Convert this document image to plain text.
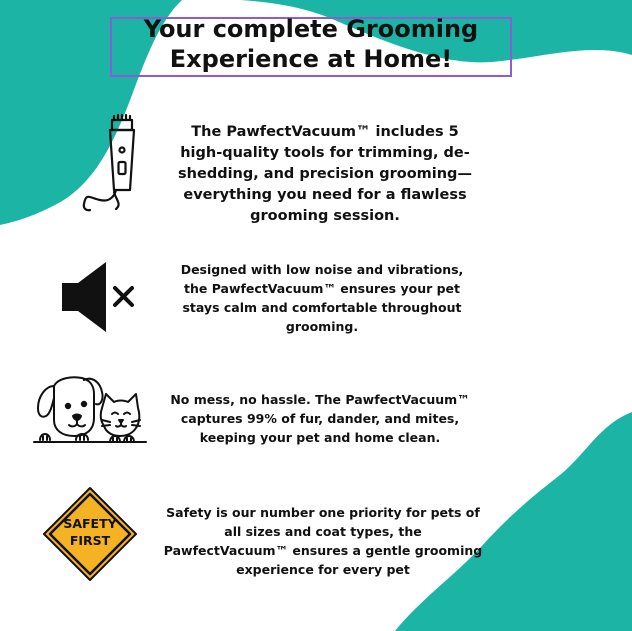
Your complete Grooming Experience at Home!

The PawfectVacuum™ includes 5 high-quality tools for trimming, de-shedding, and precision grooming—everything you need for a flawless grooming session.

Designed with low noise and vibrations, the PawfectVacuum™ ensures your pet stays calm and comfortable throughout grooming.

No mess, no hassle. The PawfectVacuum™ captures 99% of fur, dander, and mites, keeping your pet and home clean.

SAFETY
FIRST

Safety is our number one priority for pets of all sizes and coat types, the PawfectVacuum™ ensures a gentle grooming experience for every pet
